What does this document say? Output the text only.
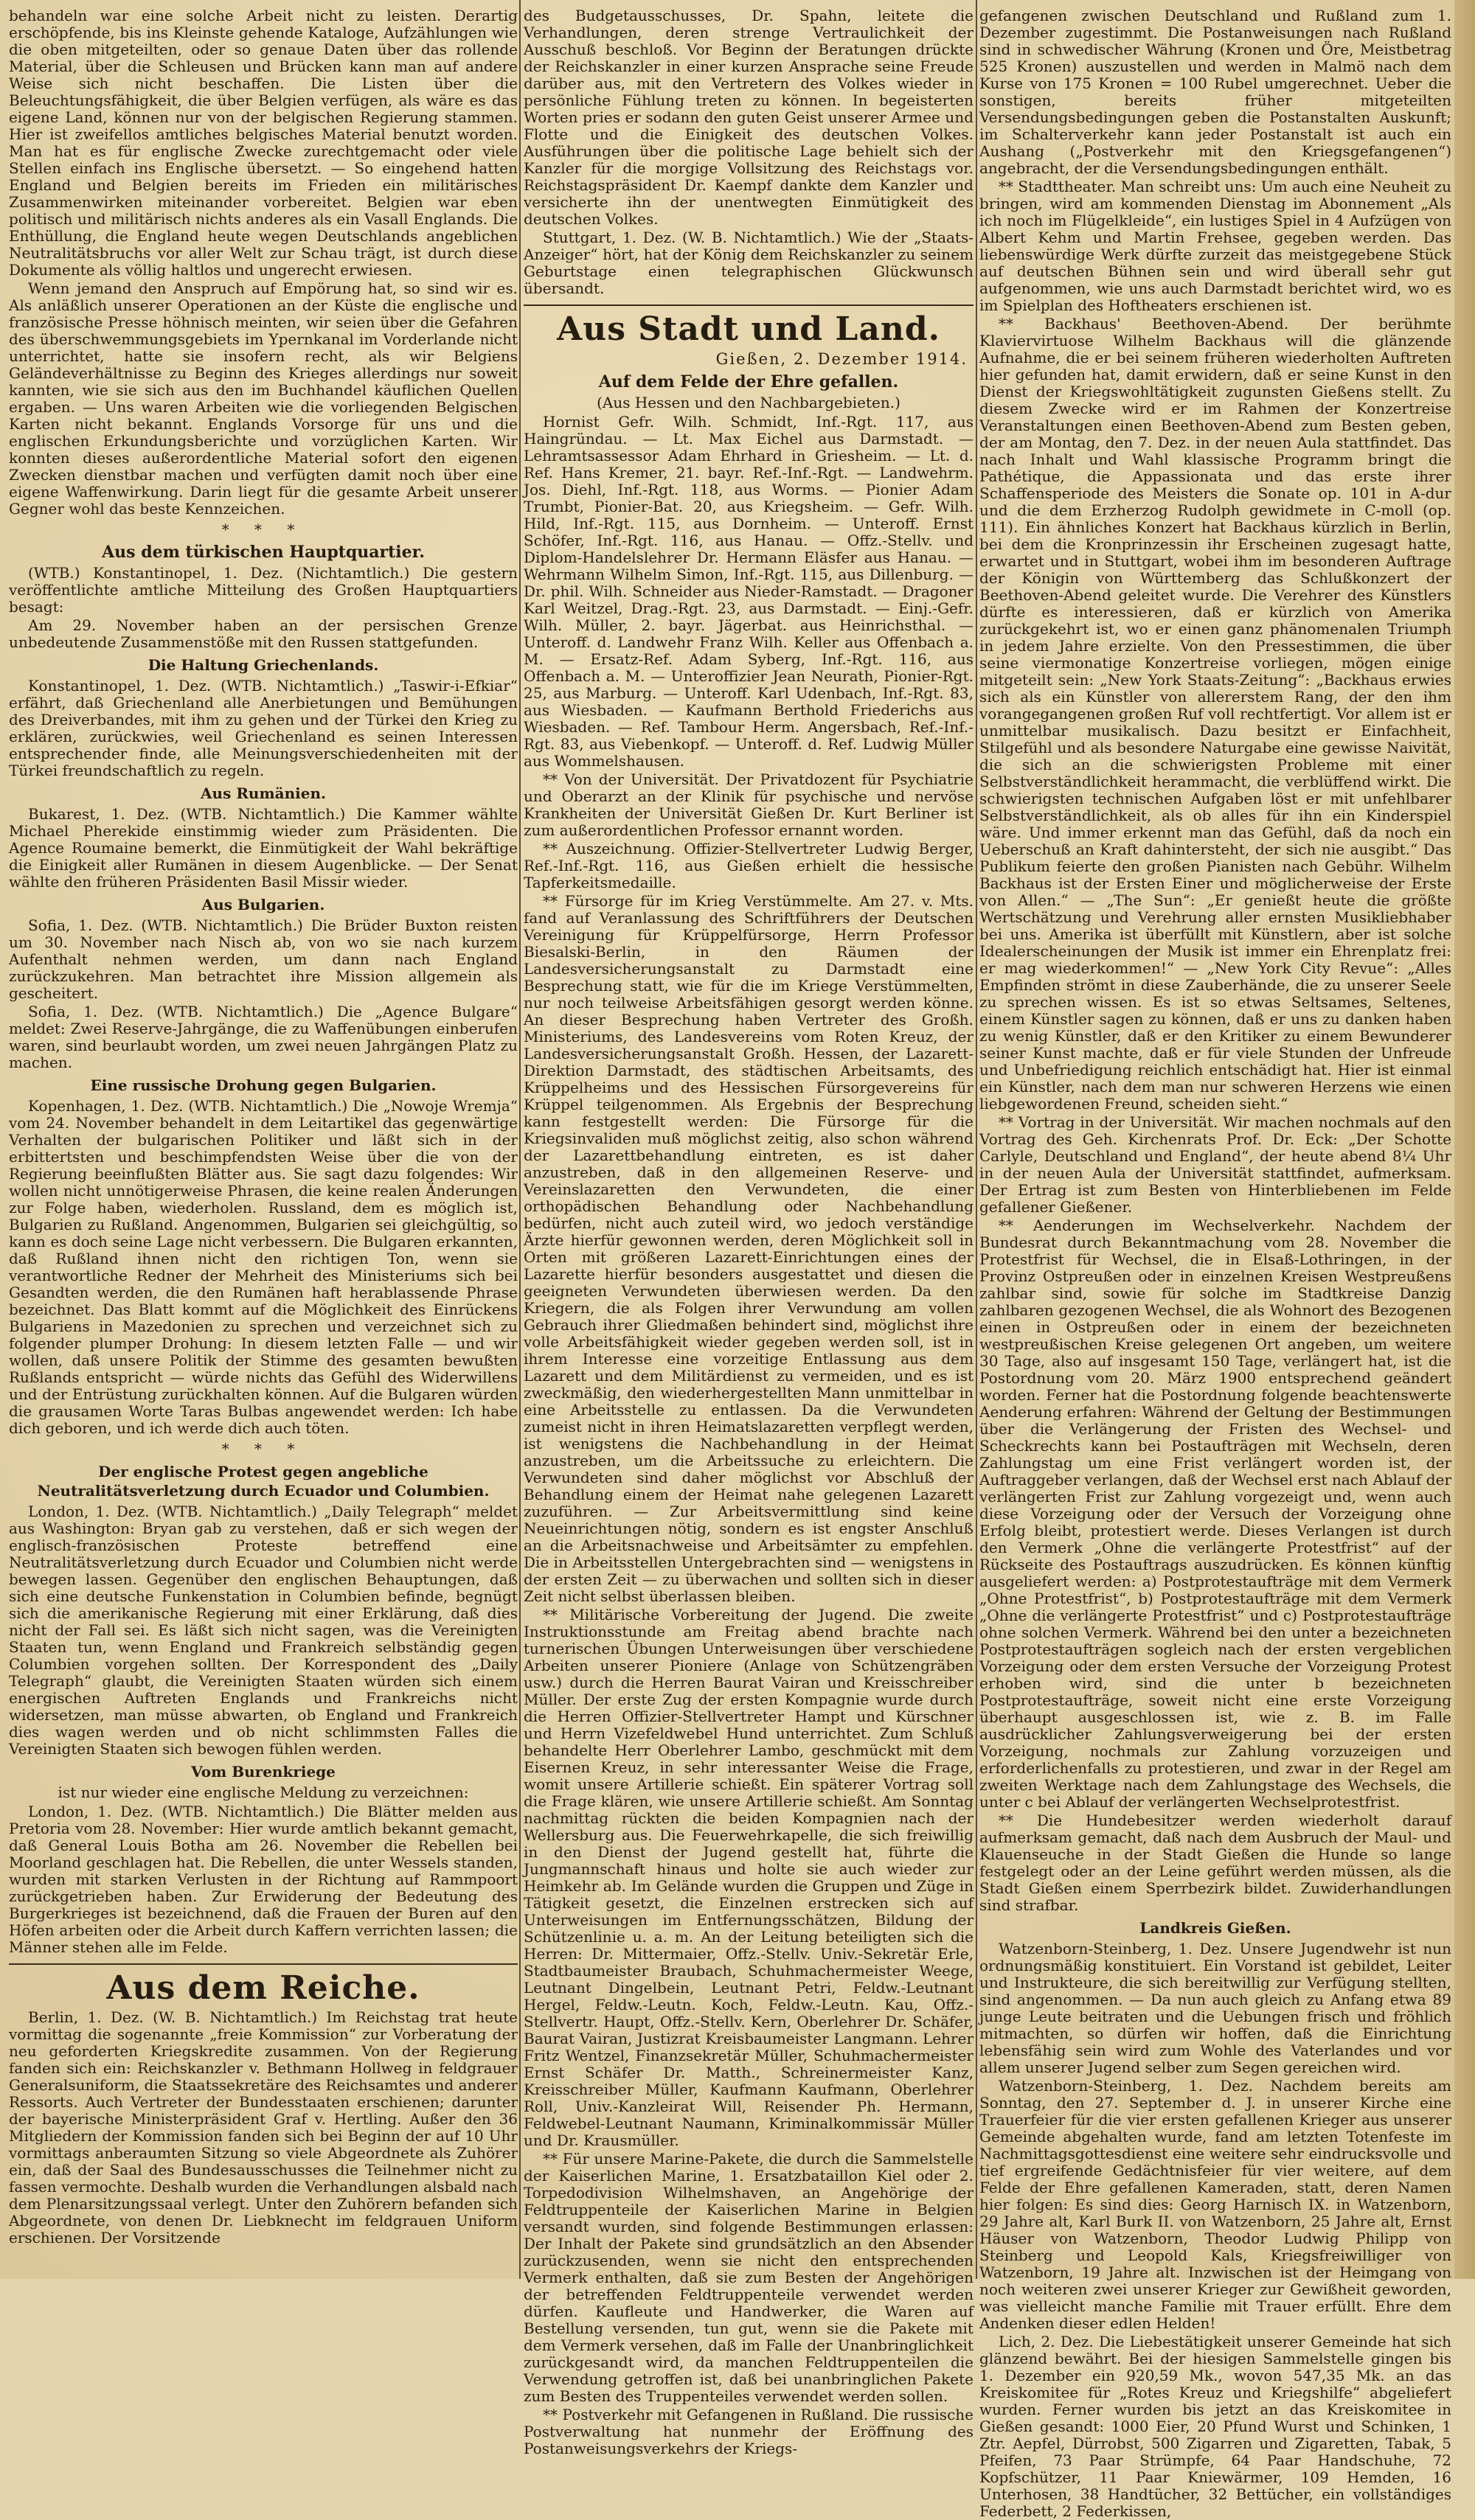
behandeln war eine solche Arbeit nicht zu leisten. Derartig erschöpfende, bis ins Kleinste gehende Kataloge, Aufzählungen wie die oben mitgeteilten, oder so genaue Daten über das rollende Material, über die Schleusen und Brücken kann man auf andere Weise sich nicht beschaffen. Die Listen über die Beleuchtungsfähigkeit, die über Belgien verfügen, als wäre es das eigene Land, können nur von der belgischen Regierung stammen. Hier ist zweifellos amtliches belgisches Material benutzt worden. Man hat es für englische Zwecke zurechtgemacht oder viele Stellen einfach ins Englische übersetzt. — So eingehend hatten England und Belgien bereits im Frieden ein militärisches Zusammenwirken miteinander vorbereitet. Belgien war eben politisch und militärisch nichts anderes als ein Vasall Englands. Die Enthüllung, die England heute wegen Deutschlands angeblichen Neutralitätsbruchs vor aller Welt zur Schau trägt, ist durch diese Dokumente als völlig haltlos und ungerecht erwiesen.

Wenn jemand den Anspruch auf Empörung hat, so sind wir es. Als anläßlich unserer Operationen an der Küste die englische und französische Presse höhnisch meinten, wir seien über die Gefahren des überschwemmungsgebiets im Ypernkanal im Vorderlande nicht unterrichtet, hatte sie insofern recht, als wir Belgiens Geländeverhältnisse zu Beginn des Krieges allerdings nur soweit kannten, wie sie sich aus den im Buchhandel käuflichen Quellen ergaben. — Uns waren Arbeiten wie die vorliegenden Belgischen Karten nicht bekannt. Englands Vorsorge für uns und die englischen Erkundungsberichte und vorzüglichen Karten. Wir konnten dieses außerordentliche Material sofort den eigenen Zwecken dienstbar machen und verfügten damit noch über eine eigene Waffenwirkung. Darin liegt für die gesamte Arbeit unserer Gegner wohl das beste Kennzeichen.

* * *
Aus dem türkischen Hauptquartier.

(WTB.) Konstantinopel, 1. Dez. (Nichtamtlich.) Die gestern veröffentlichte amtliche Mitteilung des Großen Hauptquartiers besagt:

Am 29. November haben an der persischen Grenze unbedeutende Zusammenstöße mit den Russen stattgefunden.

Die Haltung Griechenlands.

Konstantinopel, 1. Dez. (WTB. Nichtamtlich.) „Taswir-i-Efkiar“ erfährt, daß Griechenland alle Anerbietungen und Bemühungen des Dreiverbandes, mit ihm zu gehen und der Türkei den Krieg zu erklären, zurückwies, weil Griechenland es seinen Interessen entsprechender finde, alle Meinungsverschiedenheiten mit der Türkei freundschaftlich zu regeln.

Aus Rumänien.

Bukarest, 1. Dez. (WTB. Nichtamtlich.) Die Kammer wählte Michael Pherekide einstimmig wieder zum Präsidenten. Die Agence Roumaine bemerkt, die Einmütigkeit der Wahl bekräftige die Einigkeit aller Rumänen in diesem Augenblicke. — Der Senat wählte den früheren Präsidenten Basil Missir wieder.

Aus Bulgarien.

Sofia, 1. Dez. (WTB. Nichtamtlich.) Die Brüder Buxton reisten um 30. November nach Nisch ab, von wo sie nach kurzem Aufenthalt nehmen werden, um dann nach England zurückzukehren. Man betrachtet ihre Mission allgemein als gescheitert.

Sofia, 1. Dez. (WTB. Nichtamtlich.) Die „Agence Bulgare“ meldet: Zwei Reserve-Jahrgänge, die zu Waffenübungen einberufen waren, sind beurlaubt worden, um zwei neuen Jahrgängen Platz zu machen.

Eine russische Drohung gegen Bulgarien.

Kopenhagen, 1. Dez. (WTB. Nichtamtlich.) Die „Nowoje Wremja“ vom 24. November behandelt in dem Leitartikel das gegenwärtige Verhalten der bulgarischen Politiker und läßt sich in der erbittertsten und beschimpfendsten Weise über die von der Regierung beeinflußten Blätter aus. Sie sagt dazu folgendes: Wir wollen nicht unnötigerweise Phrasen, die keine realen Änderungen zur Folge haben, wiederholen. Russland, dem es möglich ist, Bulgarien zu Rußland. Angenommen, Bulgarien sei gleichgültig, so kann es doch seine Lage nicht verbessern. Die Bulgaren erkannten, daß Rußland ihnen nicht den richtigen Ton, wenn sie verantwortliche Redner der Mehrheit des Ministeriums sich bei Gesandten werden, die den Rumänen haft herablassende Phrase bezeichnet. Das Blatt kommt auf die Möglichkeit des Einrückens Bulgariens in Mazedonien zu sprechen und verzeichnet sich zu folgender plumper Drohung: In diesem letzten Falle — und wir wollen, daß unsere Politik der Stimme des gesamten bewußten Rußlands entspricht — würde nichts das Gefühl des Widerwillens und der Entrüstung zurückhalten können. Auf die Bulgaren würden die grausamen Worte Taras Bulbas angewendet werden: Ich habe dich geboren, und ich werde dich auch töten.

* * *
Der englische Protest gegen angebliche Neutralitätsverletzung durch Ecuador und Columbien.

London, 1. Dez. (WTB. Nichtamtlich.) „Daily Telegraph“ meldet aus Washington: Bryan gab zu verstehen, daß er sich wegen der englisch-französischen Proteste betreffend eine Neutralitätsverletzung durch Ecuador und Columbien nicht werde bewegen lassen. Gegenüber den englischen Behauptungen, daß sich eine deutsche Funkenstation in Columbien befinde, begnügt sich die amerikanische Regierung mit einer Erklärung, daß dies nicht der Fall sei. Es läßt sich nicht sagen, was die Vereinigten Staaten tun, wenn England und Frankreich selbständig gegen Columbien vorgehen sollten. Der Korrespondent des „Daily Telegraph“ glaubt, die Vereinigten Staaten würden sich einem energischen Auftreten Englands und Frankreichs nicht widersetzen, man müsse abwarten, ob England und Frankreich dies wagen werden und ob nicht schlimmsten Falles die Vereinigten Staaten sich bewogen fühlen werden.

Vom Burenkriege
ist nur wieder eine englische Meldung zu verzeichnen:

London, 1. Dez. (WTB. Nichtamtlich.) Die Blätter melden aus Pretoria vom 28. November: Hier wurde amtlich bekannt gemacht, daß General Louis Botha am 26. November die Rebellen bei Moorland geschlagen hat. Die Rebellen, die unter Wessels standen, wurden mit starken Verlusten in der Richtung auf Rammpoort zurückgetrieben haben. Zur Erwiderung der Bedeutung des Burgerkrieges ist bezeichnend, daß die Frauen der Buren auf den Höfen arbeiten oder die Arbeit durch Kaffern verrichten lassen; die Männer stehen alle im Felde.

Aus dem Reiche.

Berlin, 1. Dez. (W. B. Nichtamtlich.) Im Reichstag trat heute vormittag die sogenannte „freie Kommission“ zur Vorberatung der neu geforderten Kriegskredite zusammen. Von der Regierung fanden sich ein: Reichskanzler v. Bethmann Hollweg in feldgrauer Generalsuniform, die Staatssekretäre des Reichsamtes und anderer Ressorts. Auch Vertreter der Bundesstaaten erschienen; darunter der bayerische Ministerpräsident Graf v. Hertling. Außer den 36 Mitgliedern der Kommission fanden sich bei Beginn der auf 10 Uhr vormittags anberaumten Sitzung so viele Abgeordnete als Zuhörer ein, daß der Saal des Bundesausschusses die Teilnehmer nicht zu fassen vermochte. Deshalb wurden die Verhandlungen alsbald nach dem Plenarsitzungssaal verlegt. Unter den Zuhörern befanden sich Abgeordnete, von denen Dr. Liebknecht im feldgrauen Uniform erschienen. Der Vorsitzende

des Budgetausschusses, Dr. Spahn, leitete die Verhandlungen, deren strenge Vertraulichkeit der Ausschuß beschloß. Vor Beginn der Beratungen drückte der Reichskanzler in einer kurzen Ansprache seine Freude darüber aus, mit den Vertretern des Volkes wieder in persönliche Fühlung treten zu können. In begeisterten Worten pries er sodann den guten Geist unserer Armee und Flotte und die Einigkeit des deutschen Volkes. Ausführungen über die politische Lage behielt sich der Kanzler für die morgige Vollsitzung des Reichstags vor. Reichstagspräsident Dr. Kaempf dankte dem Kanzler und versicherte ihn der unentwegten Einmütigkeit des deutschen Volkes.

Stuttgart, 1. Dez. (W. B. Nichtamtlich.) Wie der „Staats-Anzeiger“ hört, hat der König dem Reichskanzler zu seinem Geburtstage einen telegraphischen Glückwunsch übersandt.

Aus Stadt und Land.
Gießen, 2. Dezember 1914.
Auf dem Felde der Ehre gefallen.
(Aus Hessen und den Nachbargebieten.)

Hornist Gefr. Wilh. Schmidt, Inf.-Rgt. 117, aus Haingründau. — Lt. Max Eichel aus Darmstadt. — Lehramtsassessor Adam Ehrhard in Griesheim. — Lt. d. Ref. Hans Kremer, 21. bayr. Ref.-Inf.-Rgt. — Landwehrm. Jos. Diehl, Inf.-Rgt. 118, aus Worms. — Pionier Adam Trumbt, Pionier-Bat. 20, aus Kriegsheim. — Gefr. Wilh. Hild, Inf.-Rgt. 115, aus Dornheim. — Unteroff. Ernst Schöfer, Inf.-Rgt. 116, aus Hanau. — Offz.-Stellv. und Diplom-Handelslehrer Dr. Hermann Eläsfer aus Hanau. — Wehrmann Wilhelm Simon, Inf.-Rgt. 115, aus Dillenburg. — Dr. phil. Wilh. Schneider aus Nieder-Ramstadt. — Dragoner Karl Weitzel, Drag.-Rgt. 23, aus Darmstadt. — Einj.-Gefr. Wilh. Müller, 2. bayr. Jägerbat. aus Heinrichsthal. — Unteroff. d. Landwehr Franz Wilh. Keller aus Offenbach a. M. — Ersatz-Ref. Adam Syberg, Inf.-Rgt. 116, aus Offenbach a. M. — Unteroffizier Jean Neurath, Pionier-Rgt. 25, aus Marburg. — Unteroff. Karl Udenbach, Inf.-Rgt. 83, aus Wiesbaden. — Kaufmann Berthold Friederichs aus Wiesbaden. — Ref. Tambour Herm. Angersbach, Ref.-Inf.-Rgt. 83, aus Viebenkopf. — Unteroff. d. Ref. Ludwig Müller aus Wommelshausen.

** Von der Universität. Der Privatdozent für Psychiatrie und Oberarzt an der Klinik für psychische und nervöse Krankheiten der Universität Gießen Dr. Kurt Berliner ist zum außerordentlichen Professor ernannt worden.

** Auszeichnung. Offizier-Stellvertreter Ludwig Berger, Ref.-Inf.-Rgt. 116, aus Gießen erhielt die hessische Tapferkeitsmedaille.

** Fürsorge für im Krieg Verstümmelte. Am 27. v. Mts. fand auf Veranlassung des Schriftführers der Deutschen Vereinigung für Krüppelfürsorge, Herrn Professor Biesalski-Berlin, in den Räumen der Landesversicherungsanstalt zu Darmstadt eine Besprechung statt, wie für die im Kriege Verstümmelten, nur noch teilweise Arbeitsfähigen gesorgt werden könne. An dieser Besprechung haben Vertreter des Großh. Ministeriums, des Landesvereins vom Roten Kreuz, der Landesversicherungsanstalt Großh. Hessen, der Lazarett-Direktion Darmstadt, des städtischen Arbeitsamts, des Krüppelheims und des Hessischen Fürsorgevereins für Krüppel teilgenommen. Als Ergebnis der Besprechung kann festgestellt werden: Die Fürsorge für die Kriegsinvaliden muß möglichst zeitig, also schon während der Lazarettbehandlung eintreten, es ist daher anzustreben, daß in den allgemeinen Reserve- und Vereinslazaretten den Verwundeten, die einer orthopädischen Behandlung oder Nachbehandlung bedürfen, nicht auch zuteil wird, wo jedoch verständige Ärzte hierfür gewonnen werden, deren Möglichkeit soll in Orten mit größeren Lazarett-Einrichtungen eines der Lazarette hierfür besonders ausgestattet und diesen die geeigneten Verwundeten überwiesen werden. Da den Kriegern, die als Folgen ihrer Verwundung am vollen Gebrauch ihrer Gliedmaßen behindert sind, möglichst ihre volle Arbeitsfähigkeit wieder gegeben werden soll, ist in ihrem Interesse eine vorzeitige Entlassung aus dem Lazarett und dem Militärdienst zu vermeiden, und es ist zweckmäßig, den wiederhergestellten Mann unmittelbar in eine Arbeitsstelle zu entlassen. Da die Verwundeten zumeist nicht in ihren Heimatslazaretten verpflegt werden, ist wenigstens die Nachbehandlung in der Heimat anzustreben, um die Arbeitssuche zu erleichtern. Die Verwundeten sind daher möglichst vor Abschluß der Behandlung einem der Heimat nahe gelegenen Lazarett zuzuführen. — Zur Arbeitsvermittlung sind keine Neueinrichtungen nötig, sondern es ist engster Anschluß an die Arbeitsnachweise und Arbeitsämter zu empfehlen. Die in Arbeitsstellen Untergebrachten sind — wenigstens in der ersten Zeit — zu überwachen und sollten sich in dieser Zeit nicht selbst überlassen bleiben.

** Militärische Vorbereitung der Jugend. Die zweite Instruktionsstunde am Freitag abend brachte nach turnerischen Übungen Unterweisungen über verschiedene Arbeiten unserer Pioniere (Anlage von Schützengräben usw.) durch die Herren Baurat Vairan und Kreisschreiber Müller. Der erste Zug der ersten Kompagnie wurde durch die Herren Offizier-Stellvertreter Hampt und Kürschner und Herrn Vizefeldwebel Hund unterrichtet. Zum Schluß behandelte Herr Oberlehrer Lambo, geschmückt mit dem Eisernen Kreuz, in sehr interessanter Weise die Frage, womit unsere Artillerie schießt. Ein späterer Vortrag soll die Frage klären, wie unsere Artillerie schießt. Am Sonntag nachmittag rückten die beiden Kompagnien nach der Wellersburg aus. Die Feuerwehrkapelle, die sich freiwillig in den Dienst der Jugend gestellt hat, führte die Jungmannschaft hinaus und holte sie auch wieder zur Heimkehr ab. Im Gelände wurden die Gruppen und Züge in Tätigkeit gesetzt, die Einzelnen erstrecken sich auf Unterweisungen im Entfernungsschätzen, Bildung der Schützenlinie u. a. m. An der Leitung beteiligten sich die Herren: Dr. Mittermaier, Offz.-Stellv. Univ.-Sekretär Erle, Stadtbaumeister Braubach, Schuhmachermeister Weege, Leutnant Dingelbein, Leutnant Petri, Feldw.-Leutnant Hergel, Feldw.-Leutn. Koch, Feldw.-Leutn. Kau, Offz.-Stellvertr. Haupt, Offz.-Stellv. Kern, Oberlehrer Dr. Schäfer, Baurat Vairan, Justizrat Kreisbaumeister Langmann. Lehrer Fritz Wentzel, Finanzsekretär Müller, Schuhmachermeister Ernst Schäfer Dr. Matth., Schreinermeister Kanz, Kreisschreiber Müller, Kaufmann Kaufmann, Oberlehrer Roll, Univ.-Kanzleirat Will, Reisender Ph. Hermann, Feldwebel-Leutnant Naumann, Kriminalkommissär Müller und Dr. Krausmüller.

** Für unsere Marine-Pakete, die durch die Sammelstelle der Kaiserlichen Marine, 1. Ersatzbataillon Kiel oder 2. Torpedodivision Wilhelmshaven, an Angehörige der Feldtruppenteile der Kaiserlichen Marine in Belgien versandt wurden, sind folgende Bestimmungen erlassen: Der Inhalt der Pakete sind grundsätzlich an den Absender zurückzusenden, wenn sie nicht den entsprechenden Vermerk enthalten, daß sie zum Besten der Angehörigen der betreffenden Feldtruppenteile verwendet werden dürfen. Kaufleute und Handwerker, die Waren auf Bestellung versenden, tun gut, wenn sie die Pakete mit dem Vermerk versehen, daß im Falle der Unanbringlichkeit zurückgesandt wird, da manchen Feldtruppenteilen die Verwendung getroffen ist, daß bei unanbringlichen Pakete zum Besten des Truppenteiles verwendet werden sollen.

** Postverkehr mit Gefangenen in Rußland. Die russische Postverwaltung hat nunmehr der Eröffnung des Postanweisungsverkehrs der Kriegs-

gefangenen zwischen Deutschland und Rußland zum 1. Dezember zugestimmt. Die Postanweisungen nach Rußland sind in schwedischer Währung (Kronen und Öre, Meistbetrag 525 Kronen) auszustellen und werden in Malmö nach dem Kurse von 175 Kronen = 100 Rubel umgerechnet. Ueber die sonstigen, bereits früher mitgeteilten Versendungsbedingungen geben die Postanstalten Auskunft; im Schalterverkehr kann jeder Postanstalt ist auch ein Aushang („Postverkehr mit den Kriegsgefangenen“) angebracht, der die Versendungsbedingungen enthält.

** Stadttheater. Man schreibt uns: Um auch eine Neuheit zu bringen, wird am kommenden Dienstag im Abonnement „Als ich noch im Flügelkleide“, ein lustiges Spiel in 4 Aufzügen von Albert Kehm und Martin Frehsee, gegeben werden. Das liebenswürdige Werk dürfte zurzeit das meistgegebene Stück auf deutschen Bühnen sein und wird überall sehr gut aufgenommen, wie uns auch Darmstadt berichtet wird, wo es im Spielplan des Hoftheaters erschienen ist.

** Backhaus' Beethoven-Abend. Der berühmte Klaviervirtuose Wilhelm Backhaus will die glänzende Aufnahme, die er bei seinem früheren wiederholten Auftreten hier gefunden hat, damit erwidern, daß er seine Kunst in den Dienst der Kriegswohltätigkeit zugunsten Gießens stellt. Zu diesem Zwecke wird er im Rahmen der Konzertreise Veranstaltungen einen Beethoven-Abend zum Besten geben, der am Montag, den 7. Dez. in der neuen Aula stattfindet. Das nach Inhalt und Wahl klassische Programm bringt die Pathétique, die Appassionata und das erste ihrer Schaffensperiode des Meisters die Sonate op. 101 in A-dur und die dem Erzherzog Rudolph gewidmete in C-moll (op. 111). Ein ähnliches Konzert hat Backhaus kürzlich in Berlin, bei dem die Kronprinzessin ihr Erscheinen zugesagt hatte, erwartet und in Stuttgart, wobei ihm im besonderen Auftrage der Königin von Württemberg das Schlußkonzert der Beethoven-Abend geleitet wurde. Die Verehrer des Künstlers dürfte es interessieren, daß er kürzlich von Amerika zurückgekehrt ist, wo er einen ganz phänomenalen Triumph in jedem Jahre erzielte. Von den Pressestimmen, die über seine viermonatige Konzertreise vorliegen, mögen einige mitgeteilt sein: „New York Staats-Zeitung“: „Backhaus erwies sich als ein Künstler von allererstem Rang, der den ihm vorangegangenen großen Ruf voll rechtfertigt. Vor allem ist er unmittelbar musikalisch. Dazu besitzt er Einfachheit, Stilgefühl und als besondere Naturgabe eine gewisse Naivität, die sich an die schwierigsten Probleme mit einer Selbstverständlichkeit herammacht, die verblüffend wirkt. Die schwierigsten technischen Aufgaben löst er mit unfehlbarer Selbstverständlichkeit, als ob alles für ihn ein Kinderspiel wäre. Und immer erkennt man das Gefühl, daß da noch ein Ueberschuß an Kraft dahintersteht, der sich nie ausgibt.“ Das Publikum feierte den großen Pianisten nach Gebühr. Wilhelm Backhaus ist der Ersten Einer und möglicherweise der Erste von Allen.“ — „The Sun“: „Er genießt heute die größte Wertschätzung und Verehrung aller ernsten Musikliebhaber bei uns. Amerika ist überfüllt mit Künstlern, aber ist solche Idealerscheinungen der Musik ist immer ein Ehrenplatz frei: er mag wiederkommen!“ — „New York City Revue“: „Alles Empfinden strömt in diese Zauberhände, die zu unserer Seele zu sprechen wissen. Es ist so etwas Seltsames, Seltenes, einem Künstler sagen zu können, daß er uns zu danken haben zu wenig Künstler, daß er den Kritiker zu einem Bewunderer seiner Kunst machte, daß er für viele Stunden der Unfreude und Unbefriedigung reichlich entschädigt hat. Hier ist einmal ein Künstler, nach dem man nur schweren Herzens wie einen liebgewordenen Freund, scheiden sieht.“

** Vortrag in der Universität. Wir machen nochmals auf den Vortrag des Geh. Kirchenrats Prof. Dr. Eck: „Der Schotte Carlyle, Deutschland und England“, der heute abend 8¼ Uhr in der neuen Aula der Universität stattfindet, aufmerksam. Der Ertrag ist zum Besten von Hinterbliebenen im Felde gefallener Gießener.

** Aenderungen im Wechselverkehr. Nachdem der Bundesrat durch Bekanntmachung vom 28. November die Protestfrist für Wechsel, die in Elsaß-Lothringen, in der Provinz Ostpreußen oder in einzelnen Kreisen Westpreußens zahlbar sind, sowie für solche im Stadtkreise Danzig zahlbaren gezogenen Wechsel, die als Wohnort des Bezogenen einen in Ostpreußen oder in einem der bezeichneten westpreußischen Kreise gelegenen Ort angeben, um weitere 30 Tage, also auf insgesamt 150 Tage, verlängert hat, ist die Postordnung vom 20. März 1900 entsprechend geändert worden. Ferner hat die Postordnung folgende beachtenswerte Aenderung erfahren: Während der Geltung der Bestimmungen über die Verlängerung der Fristen des Wechsel- und Scheckrechts kann bei Postaufträgen mit Wechseln, deren Zahlungstag um eine Frist verlängert worden ist, der Auftraggeber verlangen, daß der Wechsel erst nach Ablauf der verlängerten Frist zur Zahlung vorgezeigt und, wenn auch diese Vorzeigung oder der Versuch der Vorzeigung ohne Erfolg bleibt, protestiert werde. Dieses Verlangen ist durch den Vermerk „Ohne die verlängerte Protestfrist“ auf der Rückseite des Postauftrags auszudrücken. Es können künftig ausgeliefert werden: a) Postprotestaufträge mit dem Vermerk „Ohne Protestfrist“, b) Postprotestaufträge mit dem Vermerk „Ohne die verlängerte Protestfrist“ und c) Postprotestaufträge ohne solchen Vermerk. Während bei den unter a bezeichneten Postprotestaufträgen sogleich nach der ersten vergeblichen Vorzeigung oder dem ersten Versuche der Vorzeigung Protest erhoben wird, sind die unter b bezeichneten Postprotestaufträge, soweit nicht eine erste Vorzeigung überhaupt ausgeschlossen ist, wie z. B. im Falle ausdrücklicher Zahlungsverweigerung bei der ersten Vorzeigung, nochmals zur Zahlung vorzuzeigen und erforderlichenfalls zu protestieren, und zwar in der Regel am zweiten Werktage nach dem Zahlungstage des Wechsels, die unter c bei Ablauf der verlängerten Wechselprotestfrist.

** Die Hundebesitzer werden wiederholt darauf aufmerksam gemacht, daß nach dem Ausbruch der Maul- und Klauenseuche in der Stadt Gießen die Hunde so lange festgelegt oder an der Leine geführt werden müssen, als die Stadt Gießen einem Sperrbezirk bildet. Zuwiderhandlungen sind strafbar.

Landkreis Gießen.

Watzenborn-Steinberg, 1. Dez. Unsere Jugendwehr ist nun ordnungsmäßig konstituiert. Ein Vorstand ist gebildet, Leiter und Instrukteure, die sich bereitwillig zur Verfügung stellten, sind angenommen. — Da nun auch gleich zu Anfang etwa 89 junge Leute beitraten und die Uebungen frisch und fröhlich mitmachten, so dürfen wir hoffen, daß die Einrichtung lebensfähig sein wird zum Wohle des Vaterlandes und vor allem unserer Jugend selber zum Segen gereichen wird.

Watzenborn-Steinberg, 1. Dez. Nachdem bereits am Sonntag, den 27. September d. J. in unserer Kirche eine Trauerfeier für die vier ersten gefallenen Krieger aus unserer Gemeinde abgehalten wurde, fand am letzten Totenfeste im Nachmittagsgottesdienst eine weitere sehr eindrucksvolle und tief ergreifende Gedächtnisfeier für vier weitere, auf dem Felde der Ehre gefallenen Kameraden, statt, deren Namen hier folgen: Es sind dies: Georg Harnisch IX. in Watzenborn, 29 Jahre alt, Karl Burk II. von Watzenborn, 25 Jahre alt, Ernst Häuser von Watzenborn, Theodor Ludwig Philipp von Steinberg und Leopold Kals, Kriegsfreiwilliger von Watzenborn, 19 Jahre alt. Inzwischen ist der Heimgang von noch weiteren zwei unserer Krieger zur Gewißheit geworden, was vielleicht manche Familie mit Trauer erfüllt. Ehre dem Andenken dieser edlen Helden!

Lich, 2. Dez. Die Liebestätigkeit unserer Gemeinde hat sich glänzend bewährt. Bei der hiesigen Sammelstelle gingen bis 1. Dezember ein 920,59 Mk., wovon 547,35 Mk. an das Kreiskomitee für „Rotes Kreuz und Kriegshilfe“ abgeliefert wurden. Ferner wurden bis jetzt an das Kreiskomitee in Gießen gesandt: 1000 Eier, 20 Pfund Wurst und Schinken, 1 Ztr. Aepfel, Dürrobst, 500 Zigarren und Zigaretten, Tabak, 5 Pfeifen, 73 Paar Strümpfe, 64 Paar Handschuhe, 72 Kopfschützer, 11 Paar Kniewärmer, 109 Hemden, 16 Unterhosen, 38 Handtücher, 32 Bettücher, ein vollständiges Federbett, 2 Federkissen,
